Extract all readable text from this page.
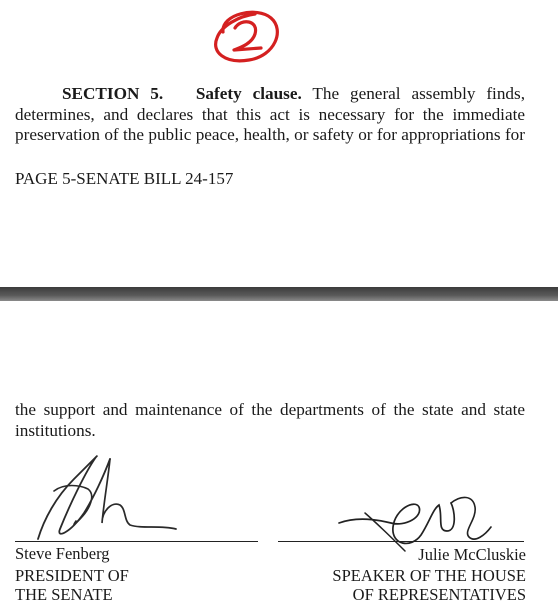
SECTION 5. Safety clause. The general assembly finds,
determines, and declares that this act is necessary for the immediate
preservation of the public peace, health, or safety or for appropriations for
PAGE 5-SENATE BILL 24-157
the support and maintenance of the departments of the state and state
institutions.
Steve Fenberg
PRESIDENT OF
THE SENATE
Julie McCluskie
SPEAKER OF THE HOUSE
OF REPRESENTATIVES
